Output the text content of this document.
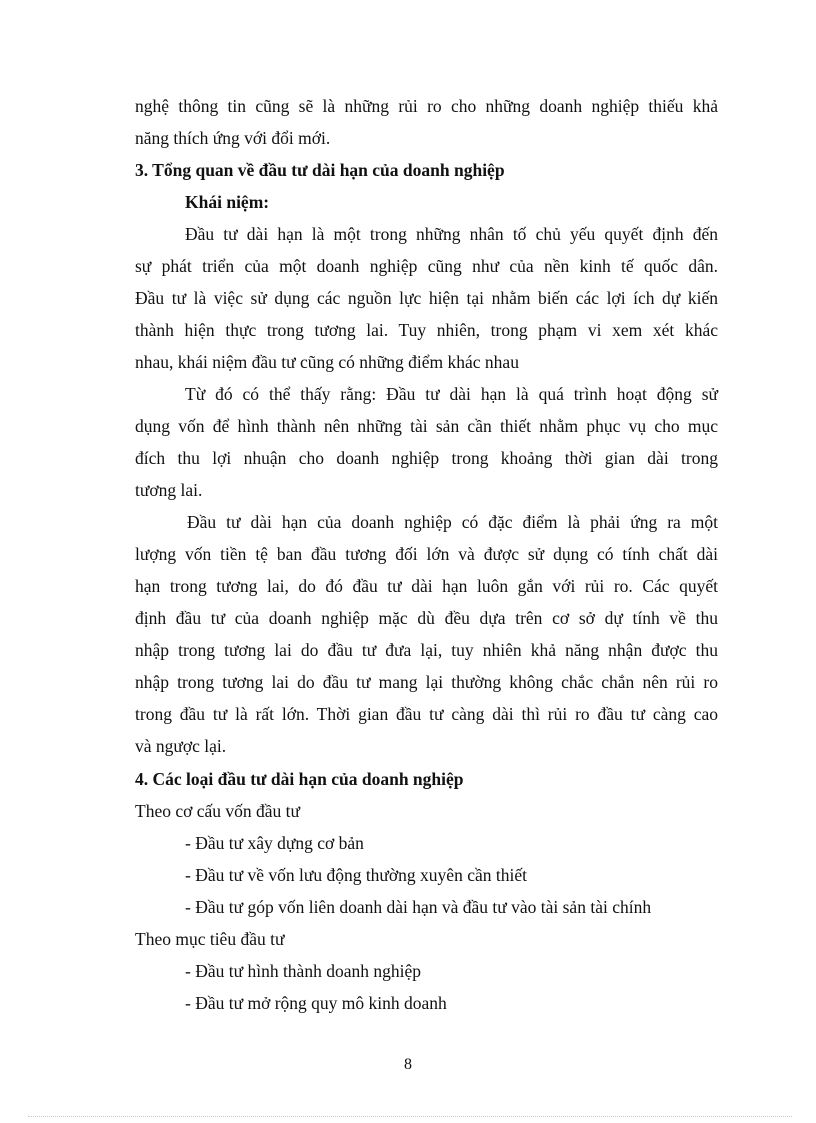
nghệ thông tin cũng sẽ là những rủi ro cho những doanh nghiệp thiếu khả
năng thích ứng với đổi mới.
3. Tổng quan về đầu tư dài hạn của doanh nghiệp
Khái niệm:
Đầu tư dài hạn là một trong những nhân tố chủ yếu quyết định đến
sự phát triển của một doanh nghiệp cũng như của nền kinh tế quốc dân.
Đầu tư là việc sử dụng các nguồn lực hiện tại nhằm biến các lợi ích dự kiến
thành hiện thực trong tương lai. Tuy nhiên, trong phạm vi xem xét khác
nhau, khái niệm đầu tư cũng có những điểm khác nhau
Từ đó có thể thấy rằng: Đầu tư dài hạn là quá trình hoạt động sử
dụng vốn để hình thành nên những tài sản cần thiết nhằm phục vụ cho mục
đích thu lợi nhuận cho doanh nghiệp trong khoảng thời gian dài trong
tương lai.
Đầu tư dài hạn của doanh nghiệp có đặc điểm là phải ứng ra một
lượng vốn tiền tệ ban đầu tương đối lớn và được sử dụng có tính chất dài
hạn trong tương lai, do đó đầu tư dài hạn luôn gắn với rủi ro. Các quyết
định đầu tư của doanh nghiệp mặc dù đều dựa trên cơ sở dự tính về thu
nhập trong tương lai do đầu tư đưa lại, tuy nhiên khả năng nhận được thu
nhập trong tương lai do đầu tư mang lại thường không chắc chắn nên rủi ro
trong đầu tư là rất lớn. Thời gian đầu tư càng dài thì rủi ro đầu tư càng cao
và ngược lại.
4. Các loại đầu tư dài hạn của doanh nghiệp
Theo cơ cấu vốn đầu tư
- Đầu tư xây dựng cơ bản
- Đầu tư về vốn lưu động thường xuyên cần thiết
- Đầu tư góp vốn liên doanh dài hạn và đầu tư vào tài sản tài chính
Theo mục tiêu đầu tư
- Đầu tư hình thành doanh nghiệp
- Đầu tư mở rộng quy mô kinh doanh
8
